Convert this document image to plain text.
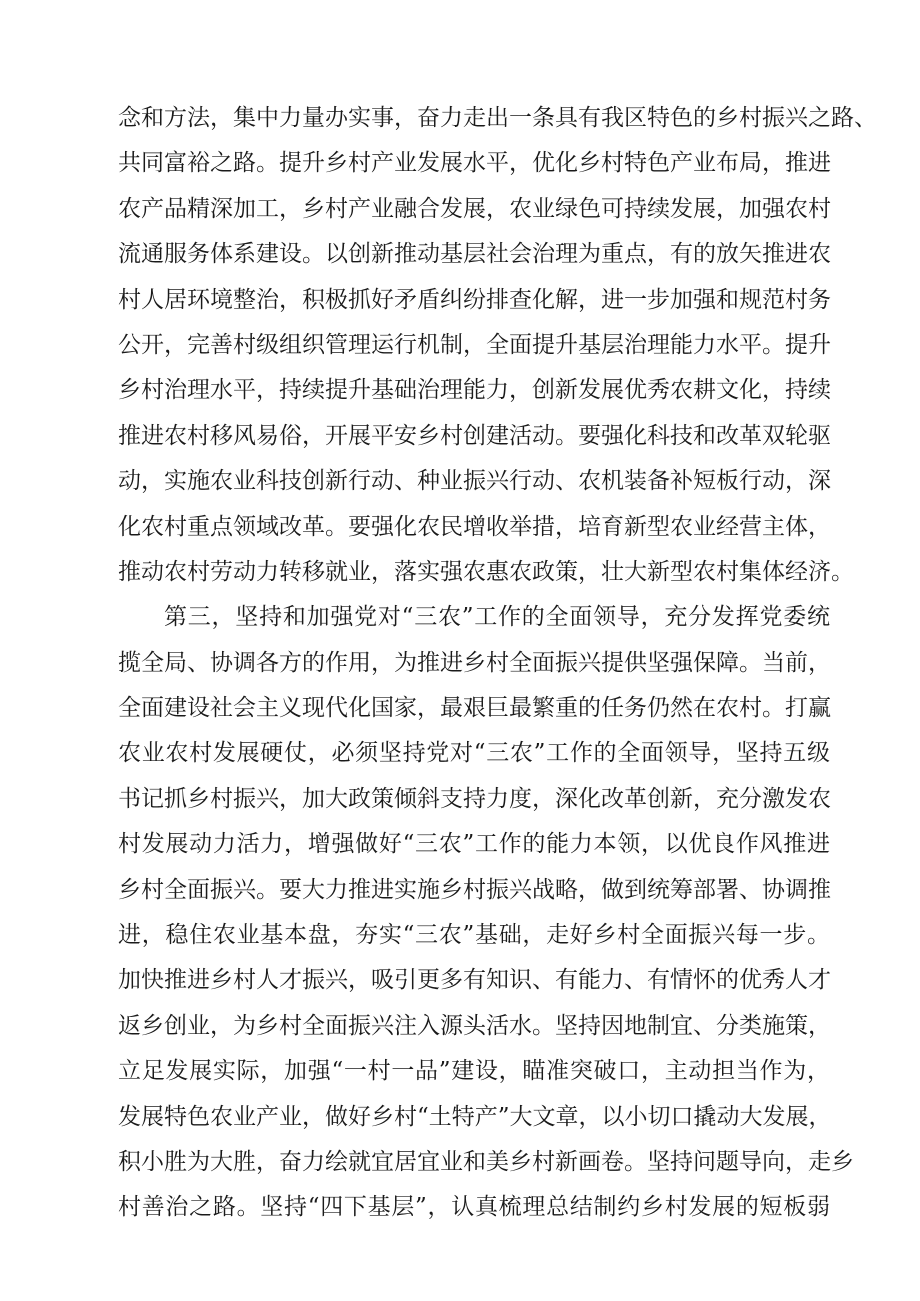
念和方法，集中力量办实事，奋力走出一条具有我区特色的乡村振兴之路、
共同富裕之路。提升乡村产业发展水平，优化乡村特色产业布局，推进
农产品精深加工，乡村产业融合发展，农业绿色可持续发展，加强农村
流通服务体系建设。以创新推动基层社会治理为重点，有的放矢推进农
村人居环境整治，积极抓好矛盾纠纷排查化解，进一步加强和规范村务
公开，完善村级组织管理运行机制，全面提升基层治理能力水平。提升
乡村治理水平，持续提升基础治理能力，创新发展优秀农耕文化，持续
推进农村移风易俗，开展平安乡村创建活动。要强化科技和改革双轮驱
动，实施农业科技创新行动、种业振兴行动、农机装备补短板行动，深
化农村重点领域改革。要强化农民增收举措，培育新型农业经营主体，
推动农村劳动力转移就业，落实强农惠农政策，壮大新型农村集体经济。
第三，坚持和加强党对“三农”工作的全面领导，充分发挥党委统
揽全局、协调各方的作用，为推进乡村全面振兴提供坚强保障。当前，
全面建设社会主义现代化国家，最艰巨最繁重的任务仍然在农村。打赢
农业农村发展硬仗，必须坚持党对“三农”工作的全面领导，坚持五级
书记抓乡村振兴，加大政策倾斜支持力度，深化改革创新，充分激发农
村发展动力活力，增强做好“三农”工作的能力本领，以优良作风推进
乡村全面振兴。要大力推进实施乡村振兴战略，做到统筹部署、协调推
进，稳住农业基本盘，夯实“三农”基础，走好乡村全面振兴每一步。
加快推进乡村人才振兴，吸引更多有知识、有能力、有情怀的优秀人才
返乡创业，为乡村全面振兴注入源头活水。坚持因地制宜、分类施策，
立足发展实际，加强“一村一品”建设，瞄准突破口，主动担当作为，
发展特色农业产业，做好乡村“土特产”大文章，以小切口撬动大发展，
积小胜为大胜，奋力绘就宜居宜业和美乡村新画卷。坚持问题导向，走乡
村善治之路。坚持“四下基层”，认真梳理总结制约乡村发展的短板弱
